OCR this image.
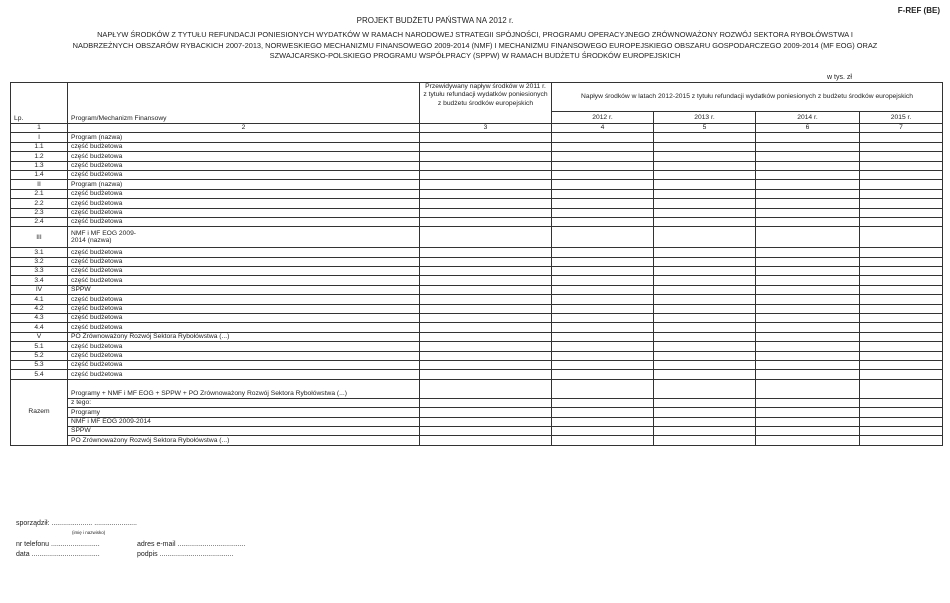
F-REF (BE)
PROJEKT BUDŻETU PAŃSTWA NA 2012 r.
NAPŁYW ŚRODKÓW Z TYTUŁU REFUNDACJI PONIESIONYCH WYDATKÓW W RAMACH NARODOWEJ STRATEGII SPÓJNOŚCI, PROGRAMU OPERACYJNEGO ZRÓWNOWAŻONY ROZWÓJ SEKTORA RYBOŁÓWSTWA I
NADBRZEŻNYCH OBSZARÓW RYBACKICH 2007-2013, NORWESKIEGO MECHANIZMU FINANSOWEGO 2009-2014 (NMF) I MECHANIZMU FINANSOWEGO EUROPEJSKIEGO OBSZARU GOSPODARCZEGO 2009-2014 (MF EOG) ORAZ
SZWAJCARSKO-POLSKIEGO PROGRAMU WSPÓŁPRACY (SPPW) W RAMACH BUDŻETU ŚRODKÓW EUROPEJSKICH
w tys. zł
Lp.	Program/Mechanizm Finansowy	Przewidywany napływ środków w 2011 r. z tytułu refundacji wydatków poniesionych z budżetu środków europejskich	Napływ środków w latach 2012-2015 z tytułu refundacji wydatków poniesionych z budżetu środków europejskich			
			2012 r.	2013 r.	2014 r.	2015 r.
1	2	3	4	5	6	7
I	Program (nazwa)					
1.1	część budżetowa					
1.2	część budżetowa					
1.3	część budżetowa					
1.4	część budżetowa					
II	Program (nazwa)					
2.1	część budżetowa					
2.2	część budżetowa					
2.3	część budżetowa					
2.4	część budżetowa					
III	NMF i MF EOG 2009-2014 (nazwa)					
3.1	część budżetowa					
3.2	część budżetowa					
3.3	część budżetowa					
3.4	część budżetowa					
IV	SPPW					
4.1	część budżetowa					
4.2	część budżetowa					
4.3	część budżetowa					
4.4	część budżetowa					
V	PO Zrównoważony Rozwój Sektora Rybołówstwa (...)					
5.1	część budżetowa					
5.2	część budżetowa					
5.3	część budżetowa					
5.4	część budżetowa					
Razem	Programy + NMF i MF EOG + SPPW + PO Zrównoważony Rozwój Sektora Rybołówstwa (...)					
	z tego:					
	Programy					
	NMF i MF EOG 2009-2014					
	SPPW					
	PO Zrównoważony Rozwój Sektora Rybołówstwa (...)					
sporządził: ..................... ......................
(imię i nazwisko)
nr telefonu .........................	adres e-mail ...................................
data ...................................	podpis ......................................
